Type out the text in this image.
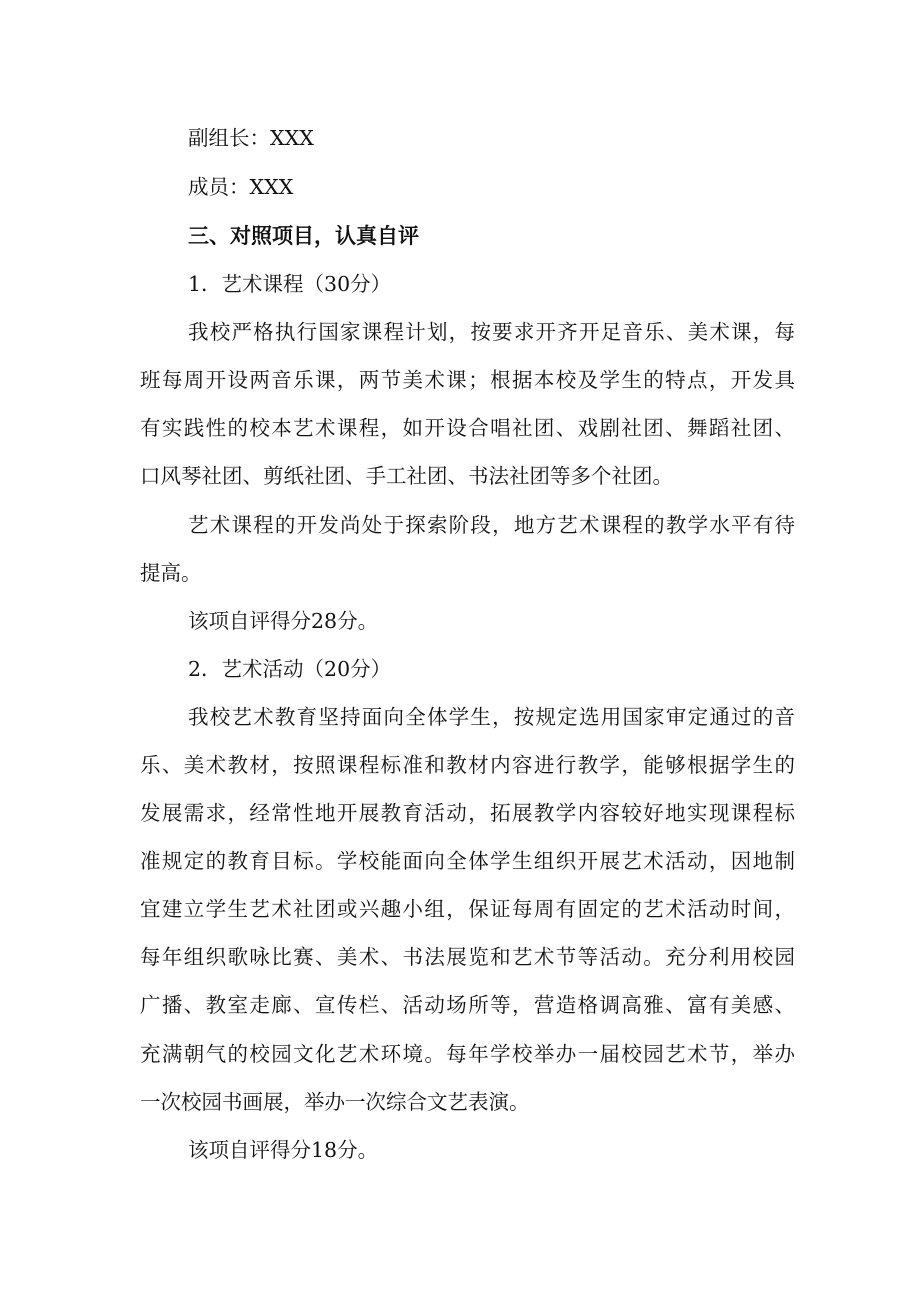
副组长：XXX
成员：XXX
三、对照项目，认真自评
1．艺术课程（30分）
我校严格执行国家课程计划，按要求开齐开足音乐、美术课，每
班每周开设两音乐课，两节美术课；根据本校及学生的特点，开发具
有实践性的校本艺术课程，如开设合唱社团、戏剧社团、舞蹈社团、
口风琴社团、剪纸社团、手工社团、书法社团等多个社团。
艺术课程的开发尚处于探索阶段，地方艺术课程的教学水平有待
提高。
该项自评得分28分。
2．艺术活动（20分）
我校艺术教育坚持面向全体学生，按规定选用国家审定通过的音
乐、美术教材，按照课程标准和教材内容进行教学，能够根据学生的
发展需求，经常性地开展教育活动，拓展教学内容较好地实现课程标
准规定的教育目标。学校能面向全体学生组织开展艺术活动，因地制
宜建立学生艺术社团或兴趣小组，保证每周有固定的艺术活动时间，
每年组织歌咏比赛、美术、书法展览和艺术节等活动。充分利用校园
广播、教室走廊、宣传栏、活动场所等，营造格调高雅、富有美感、
充满朝气的校园文化艺术环境。每年学校举办一届校园艺术节，举办
一次校园书画展，举办一次综合文艺表演。
该项自评得分18分。
